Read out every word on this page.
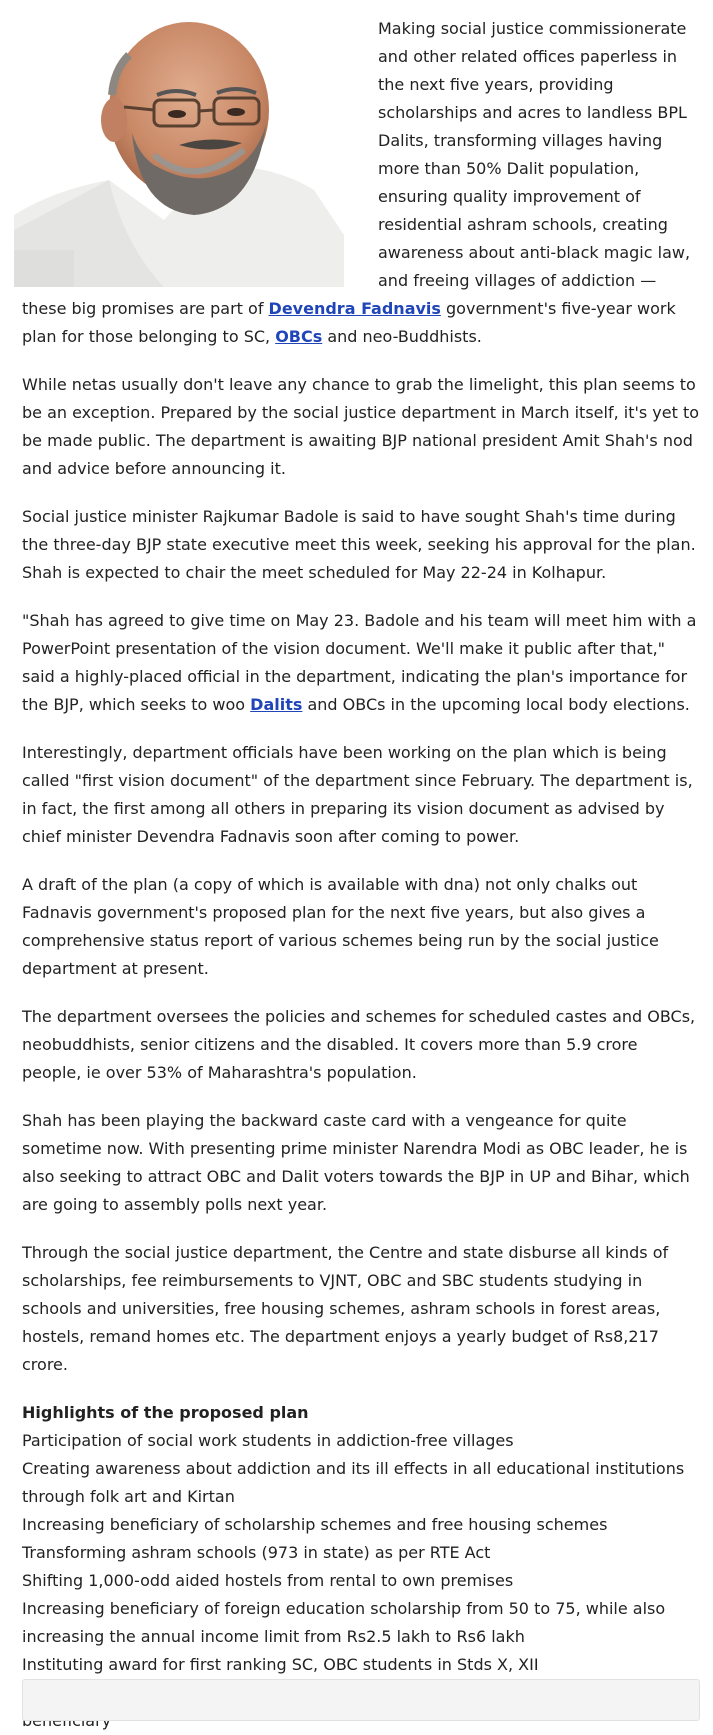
Making social justice commissionerate and other related offices paperless in the next five years, providing scholarships and acres to landless BPL Dalits, transforming villages having more than 50% Dalit population, ensuring quality improvement of residential ashram schools, creating awareness about anti-black magic law, and freeing villages of addiction — these big promises are part of Devendra Fadnavis government's five-year work plan for those belonging to SC, OBCs and neo-Buddhists.

While netas usually don't leave any chance to grab the limelight, this plan seems to be an exception. Prepared by the social justice department in March itself, it's yet to be made public. The department is awaiting BJP national president Amit Shah's nod and advice before announcing it.

Social justice minister Rajkumar Badole is said to have sought Shah's time during the three-day BJP state executive meet this week, seeking his approval for the plan. Shah is expected to chair the meet scheduled for May 22-24 in Kolhapur.

"Shah has agreed to give time on May 23. Badole and his team will meet him with a PowerPoint presentation of the vision document. We'll make it public after that," said a highly-placed official in the department, indicating the plan's importance for the BJP, which seeks to woo Dalits and OBCs in the upcoming local body elections.

Interestingly, department officials have been working on the plan which is being called "first vision document" of the department since February. The department is, in fact, the first among all others in preparing its vision document as advised by chief minister Devendra Fadnavis soon after coming to power.

A draft of the plan (a copy of which is available with dna) not only chalks out Fadnavis government's proposed plan for the next five years, but also gives a comprehensive status report of various schemes being run by the social justice department at present.

The department oversees the policies and schemes for scheduled castes and OBCs, neobuddhists, senior citizens and the disabled. It covers more than 5.9 crore people, ie over 53% of Maharashtra's population.

Shah has been playing the backward caste card with a vengeance for quite sometime now. With presenting prime minister Narendra Modi as OBC leader, he is also seeking to attract OBC and Dalit voters towards the BJP in UP and Bihar, which are going to assembly polls next year.

Through the social justice department, the Centre and state disburse all kinds of scholarships, fee reimbursements to VJNT, OBC and SBC students studying in schools and universities, free housing schemes, ashram schools in forest areas, hostels, remand homes etc. The department enjoys a yearly budget of Rs8,217 crore.

Highlights of the proposed plan
Participation of social work students in addiction-free villages
Creating awareness about addiction and its ill effects in all educational institutions through folk art and Kirtan
Increasing beneficiary of scholarship schemes and free housing schemes
Transforming ashram schools (973 in state) as per RTE Act
Shifting 1,000-odd aided hostels from rental to own premises
Increasing beneficiary of foreign education scholarship from 50 to 75, while also increasing the annual income limit from Rs2.5 lakh to Rs6 lakh
Instituting award for first ranking SC, OBC students in Stds X, XII
